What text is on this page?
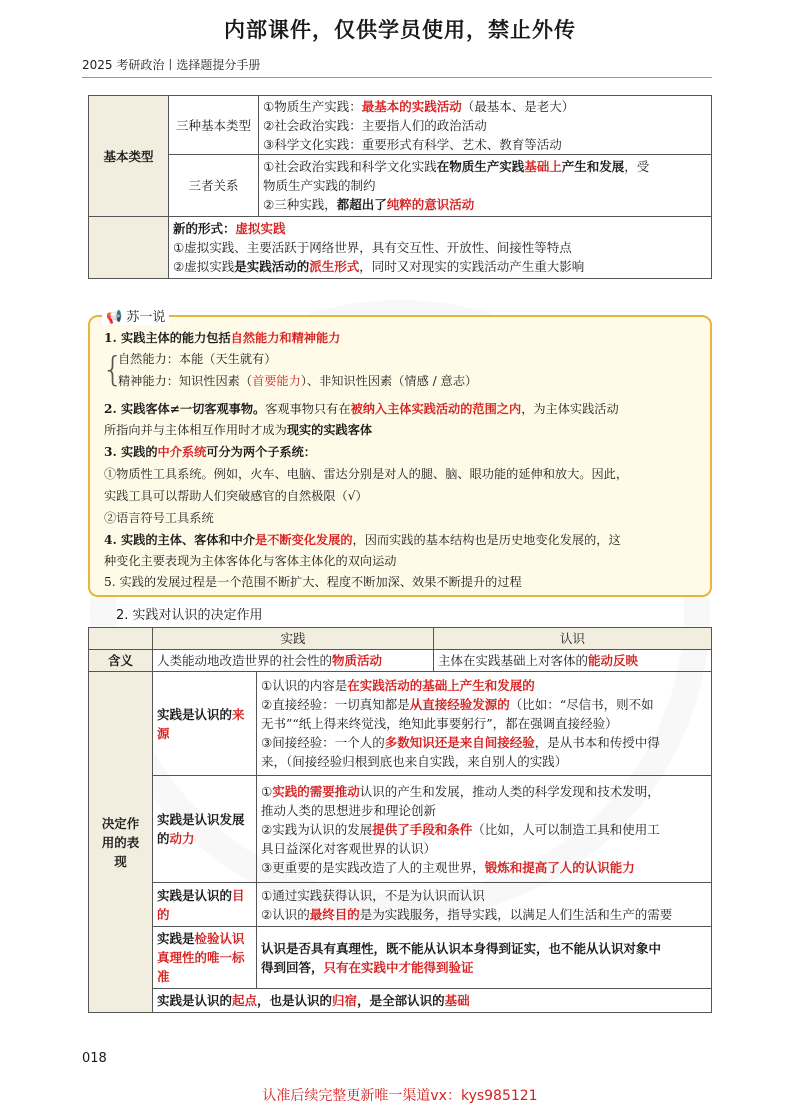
内部课件，仅供学员使用，禁止外传
2025 考研政治丨选择题提分手册
基本类型	三种基本类型	①物质生产实践：最基本的实践活动（最基本、是老大）
②社会政治实践：主要指人们的政治活动
③科学文化实践：重要形式有科学、艺术、教育等活动

	三者关系	①社会政治实践和科学文化实践在物质生产实践基础上产生和发展，受
物质生产实践的制约
②三种实践，都超出了纯粹的意识活动

	新的形式：虚拟实践
①虚拟实践、主要活跃于网络世界，具有交互性、开放性、间接性等特点
②虚拟实践是实践活动的派生形式，同时又对现实的实践活动产生重大影响	
📢 苏一说
1. 实践主体的能力包括自然能力和精神能力
{
自然能力：本能（天生就有）
精神能力：知识性因素（首要能力）、非知识性因素（情感 / 意志）
2. 实践客体≠一切客观事物。客观事物只有在被纳入主体实践活动的范围之内，为主体实践活动
所指向并与主体相互作用时才成为现实的实践客体
3. 实践的中介系统可分为两个子系统：
①物质性工具系统。例如，火车、电脑、雷达分别是对人的腿、脑、眼功能的延伸和放大。因此，
实践工具可以帮助人们突破感官的自然极限（√）
②语言符号工具系统
4. 实践的主体、客体和中介是不断变化发展的，因而实践的基本结构也是历史地变化发展的，这
种变化主要表现为主体客体化与客体主体化的双向运动
5. 实践的发展过程是一个范围不断扩大、程度不断加深、效果不断提升的过程
2. 实践对认识的决定作用
	实践		认识
含义	人类能动地改造世界的社会性的物质活动		主体在实践基础上对客体的能动反映
决定作用的表现	实践是认识的来源	①认识的内容是在实践活动的基础上产生和发展的
②直接经验：一切真知都是从直接经验发源的（比如：“尽信书，则不如
无书”“纸上得来终觉浅，绝知此事要躬行”，都在强调直接经验）
③间接经验：一个人的多数知识还是来自间接经验，是从书本和传授中得
来，（间接经验归根到底也来自实践，来自别人的实践）	

	实践是认识发展的动力	①实践的需要推动认识的产生和发展，推动人类的科学发现和技术发明，
推动人类的思想进步和理论创新
②实践为认识的发展提供了手段和条件（比如，人可以制造工具和使用工
具日益深化对客观世界的认识）
③更重要的是实践改造了人的主观世界，锻炼和提高了人的认识能力	

	实践是认识的目的	①通过实践获得认识，不是为认识而认识
②认识的最终目的是为实践服务，指导实践，以满足人们生活和生产的需要	

	实践是检验认识真理性的唯一标准	认识是否具有真理性，既不能从认识本身得到证实，也不能从认识对象中
得到回答，只有在实践中才能得到验证	

	实践是认识的起点，也是认识的归宿，是全部认识的基础		
018
认准后续完整更新唯一渠道vx：kys985121
